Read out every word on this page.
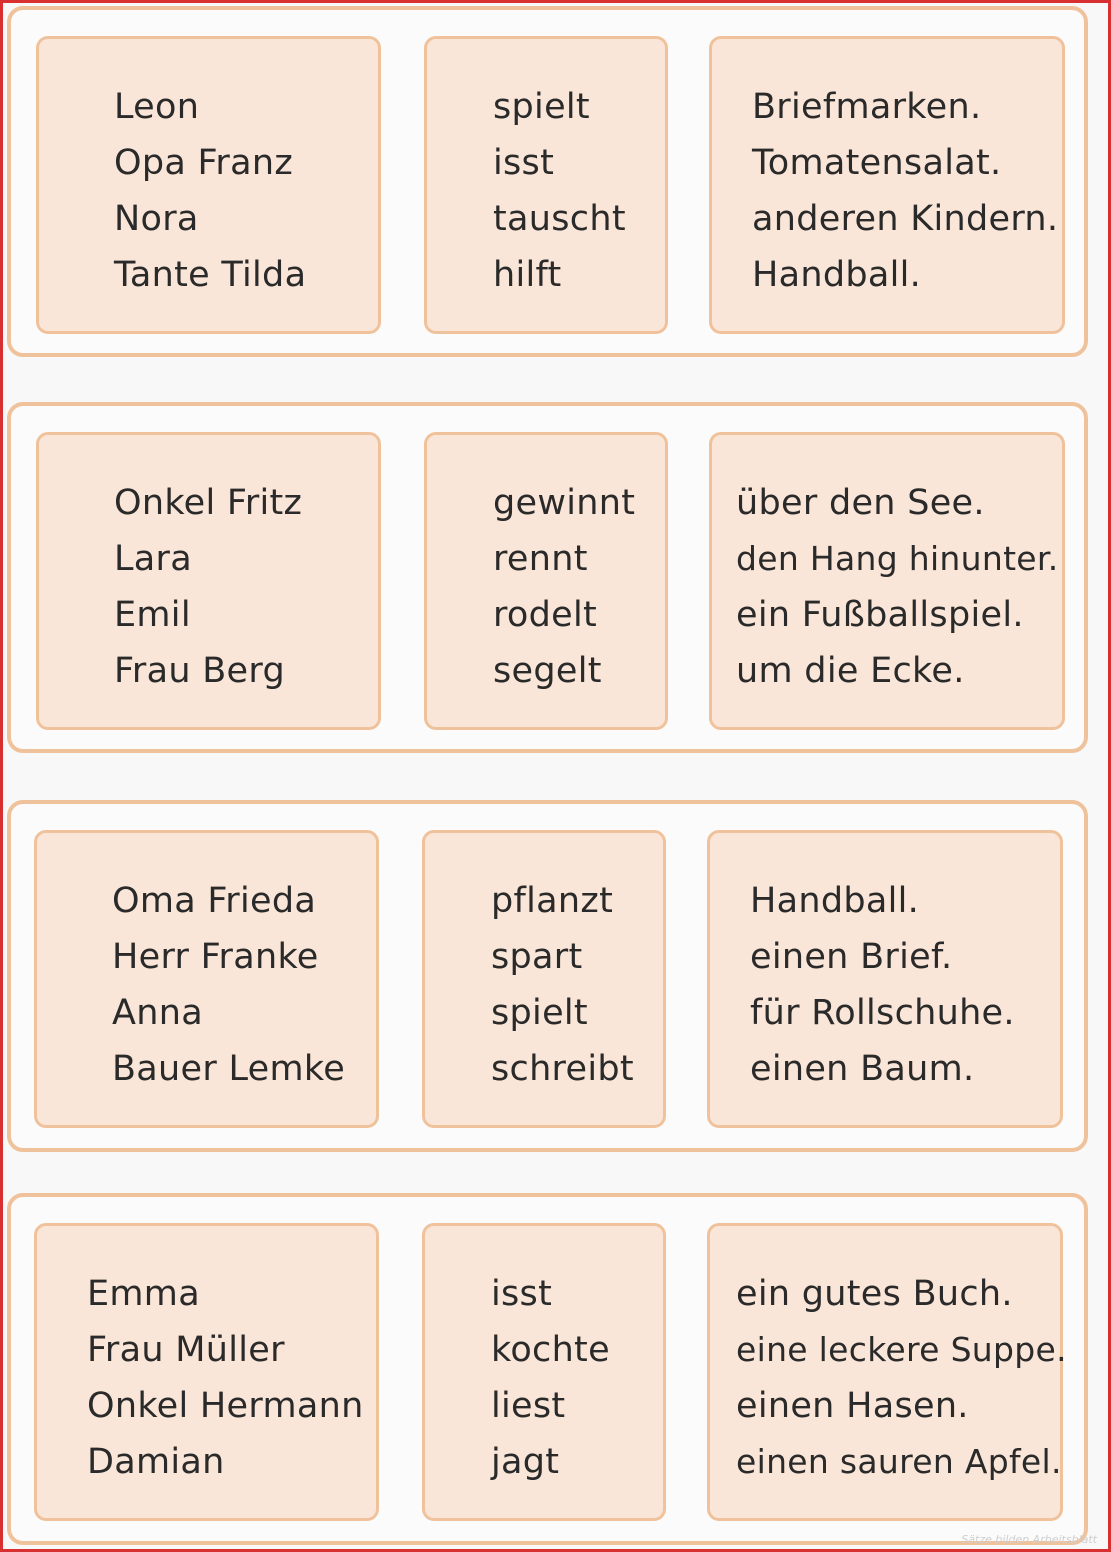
Leon
Opa Franz
Nora
Tante Tilda
spielt
isst
tauscht
hilft
Briefmarken.
Tomatensalat.
anderen Kindern.
Handball.
Onkel Fritz
Lara
Emil
Frau Berg
gewinnt
rennt
rodelt
segelt
über den See.
den Hang hinunter.
ein Fußballspiel.
um die Ecke.
Oma Frieda
Herr Franke
Anna
Bauer Lemke
pflanzt
spart
spielt
schreibt
Handball.
einen Brief.
für Rollschuhe.
einen Baum.
Emma
Frau Müller
Onkel Hermann
Damian
isst
kochte
liest
jagt
ein gutes Buch.
eine leckere Suppe.
einen Hasen.
einen sauren Apfel.
Sätze bilden Arbeitsblatt
